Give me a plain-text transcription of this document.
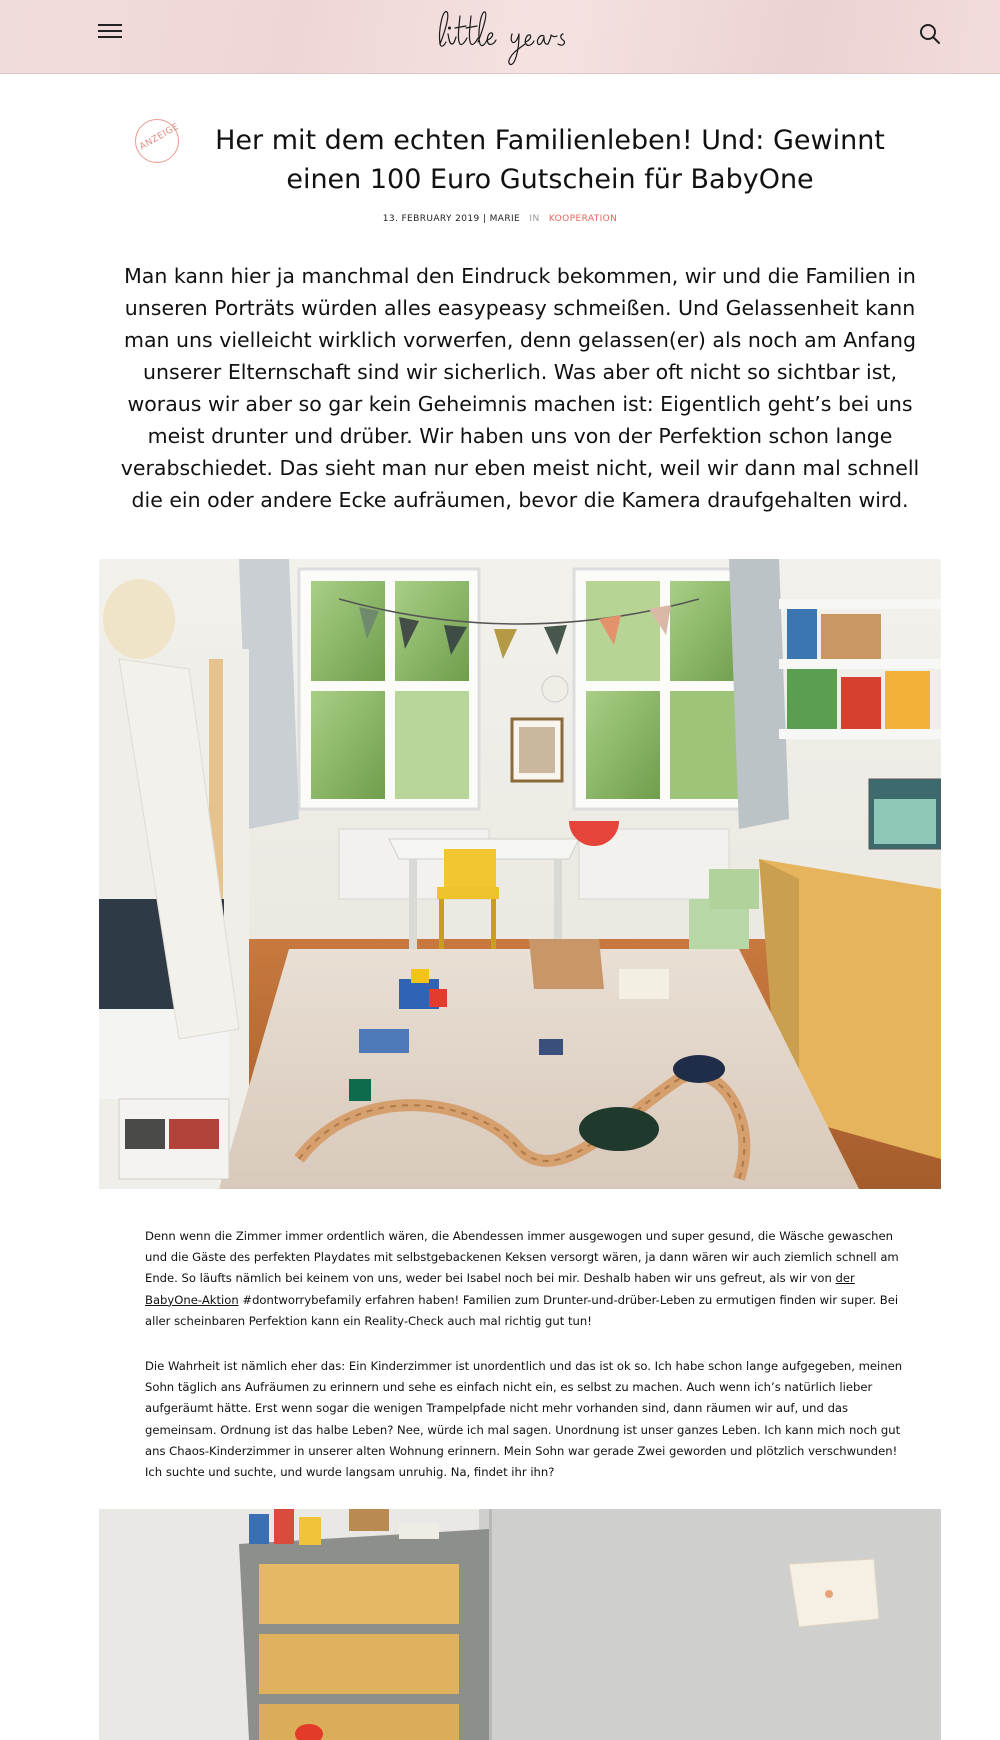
ANZEIGE	Her mit dem echten Familienleben! Und: Gewinnt einen 100 Euro Gutschein für BabyOne
13. FEBRUARY 2019 | MARIE IN KOOPERATION

Man kann hier ja manchmal den Eindruck bekommen, wir und die Familien in unseren Porträts würden alles easypeasy schmeißen. Und Gelassenheit kann man uns vielleicht wirklich vorwerfen, denn gelassen(er) als noch am Anfang unserer Elternschaft sind wir sicherlich. Was aber oft nicht so sichtbar ist, woraus wir aber so gar kein Geheimnis machen ist: Eigentlich geht’s bei uns meist drunter und drüber. Wir haben uns von der Perfektion schon lange verabschiedet. Das sieht man nur eben meist nicht, weil wir dann mal schnell die ein oder andere Ecke aufräumen, bevor die Kamera draufgehalten wird.

Denn wenn die Zimmer immer ordentlich wären, die Abendessen immer ausgewogen und super gesund, die Wäsche gewaschen und die Gäste des perfekten Playdates mit selbstgebackenen Keksen versorgt wären, ja dann wären wir auch ziemlich schnell am Ende. So läufts nämlich bei keinem von uns, weder bei Isabel noch bei mir. Deshalb haben wir uns gefreut, als wir von der BabyOne-Aktion #dontworrybefamily erfahren haben! Familien zum Drunter-und-drüber-Leben zu ermutigen finden wir super. Bei aller scheinbaren Perfektion kann ein Reality-Check auch mal richtig gut tun!

Die Wahrheit ist nämlich eher das: Ein Kinderzimmer ist unordentlich und das ist ok so. Ich habe schon lange aufgegeben, meinen Sohn täglich ans Aufräumen zu erinnern und sehe es einfach nicht ein, es selbst zu machen. Auch wenn ich’s natürlich lieber aufgeräumt hätte. Erst wenn sogar die wenigen Trampelpfade nicht mehr vorhanden sind, dann räumen wir auf, und das gemeinsam. Ordnung ist das halbe Leben? Nee, würde ich mal sagen. Unordnung ist unser ganzes Leben. Ich kann mich noch gut ans Chaos-Kinderzimmer in unserer alten Wohnung erinnern. Mein Sohn war gerade Zwei geworden und plötzlich verschwunden! Ich suchte und suchte, und wurde langsam unruhig. Na, findet ihr ihn?
